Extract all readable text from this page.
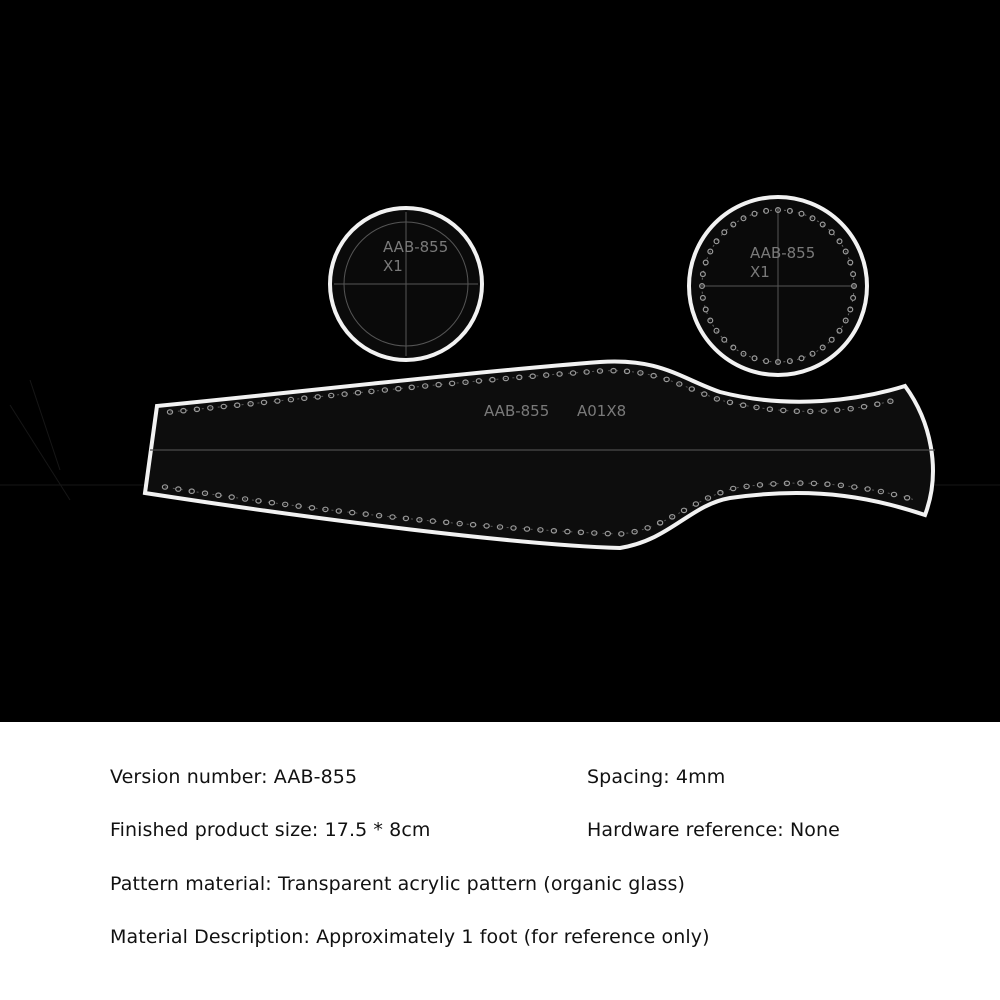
AAB-855
X1
AAB-855
X1
AAB-855 A01X8
Version number: AAB-855	Spacing: 4mm
Finished product size: 17.5 * 8cm	Hardware reference: None
Pattern material: Transparent acrylic pattern (organic glass)
Material Description: Approximately 1 foot (for reference only)
